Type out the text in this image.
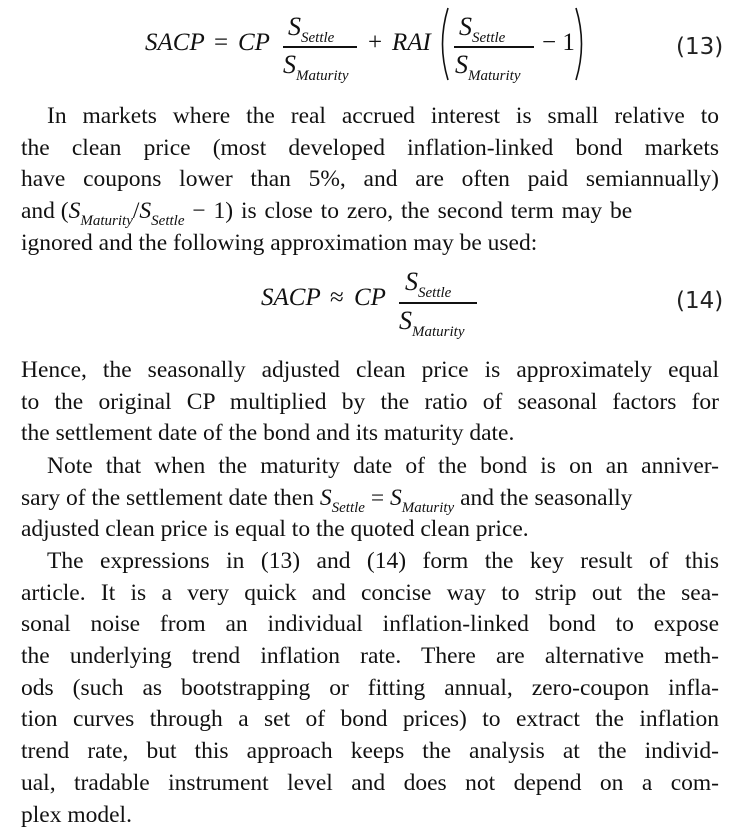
SACP = CP
$S_{Settle}$
$S_{Maturity}$
+ RAI
$S_{Settle}$
$S_{Maturity}$
− 1	(13)
In markets where the real accrued interest is small relative to
the clean price (most developed inflation-linked bond markets
have coupons lower than 5%, and are often paid semiannually)
and $(S_{Maturity}/S_{Settle} - 1)$ is close to zero, the second term may be
ignored and the following approximation may be used:
SACP ≈ CP
$S_{Settle}$
$S_{Maturity}$
(14)
Hence, the seasonally adjusted clean price is approximately equal
to the original CP multiplied by the ratio of seasonal factors for
the settlement date of the bond and its maturity date.
Note that when the maturity date of the bond is on an anniver-
sary of the settlement date then $S_{Settle} = S_{Maturity}$ and the seasonally
adjusted clean price is equal to the quoted clean price.
The expressions in (13) and (14) form the key result of this
article. It is a very quick and concise way to strip out the sea-
sonal noise from an individual inflation-linked bond to expose
the underlying trend inflation rate. There are alternative meth-
ods (such as bootstrapping or fitting annual, zero-coupon infla-
tion curves through a set of bond prices) to extract the inflation
trend rate, but this approach keeps the analysis at the individ-
ual, tradable instrument level and does not depend on a com-
plex model.
